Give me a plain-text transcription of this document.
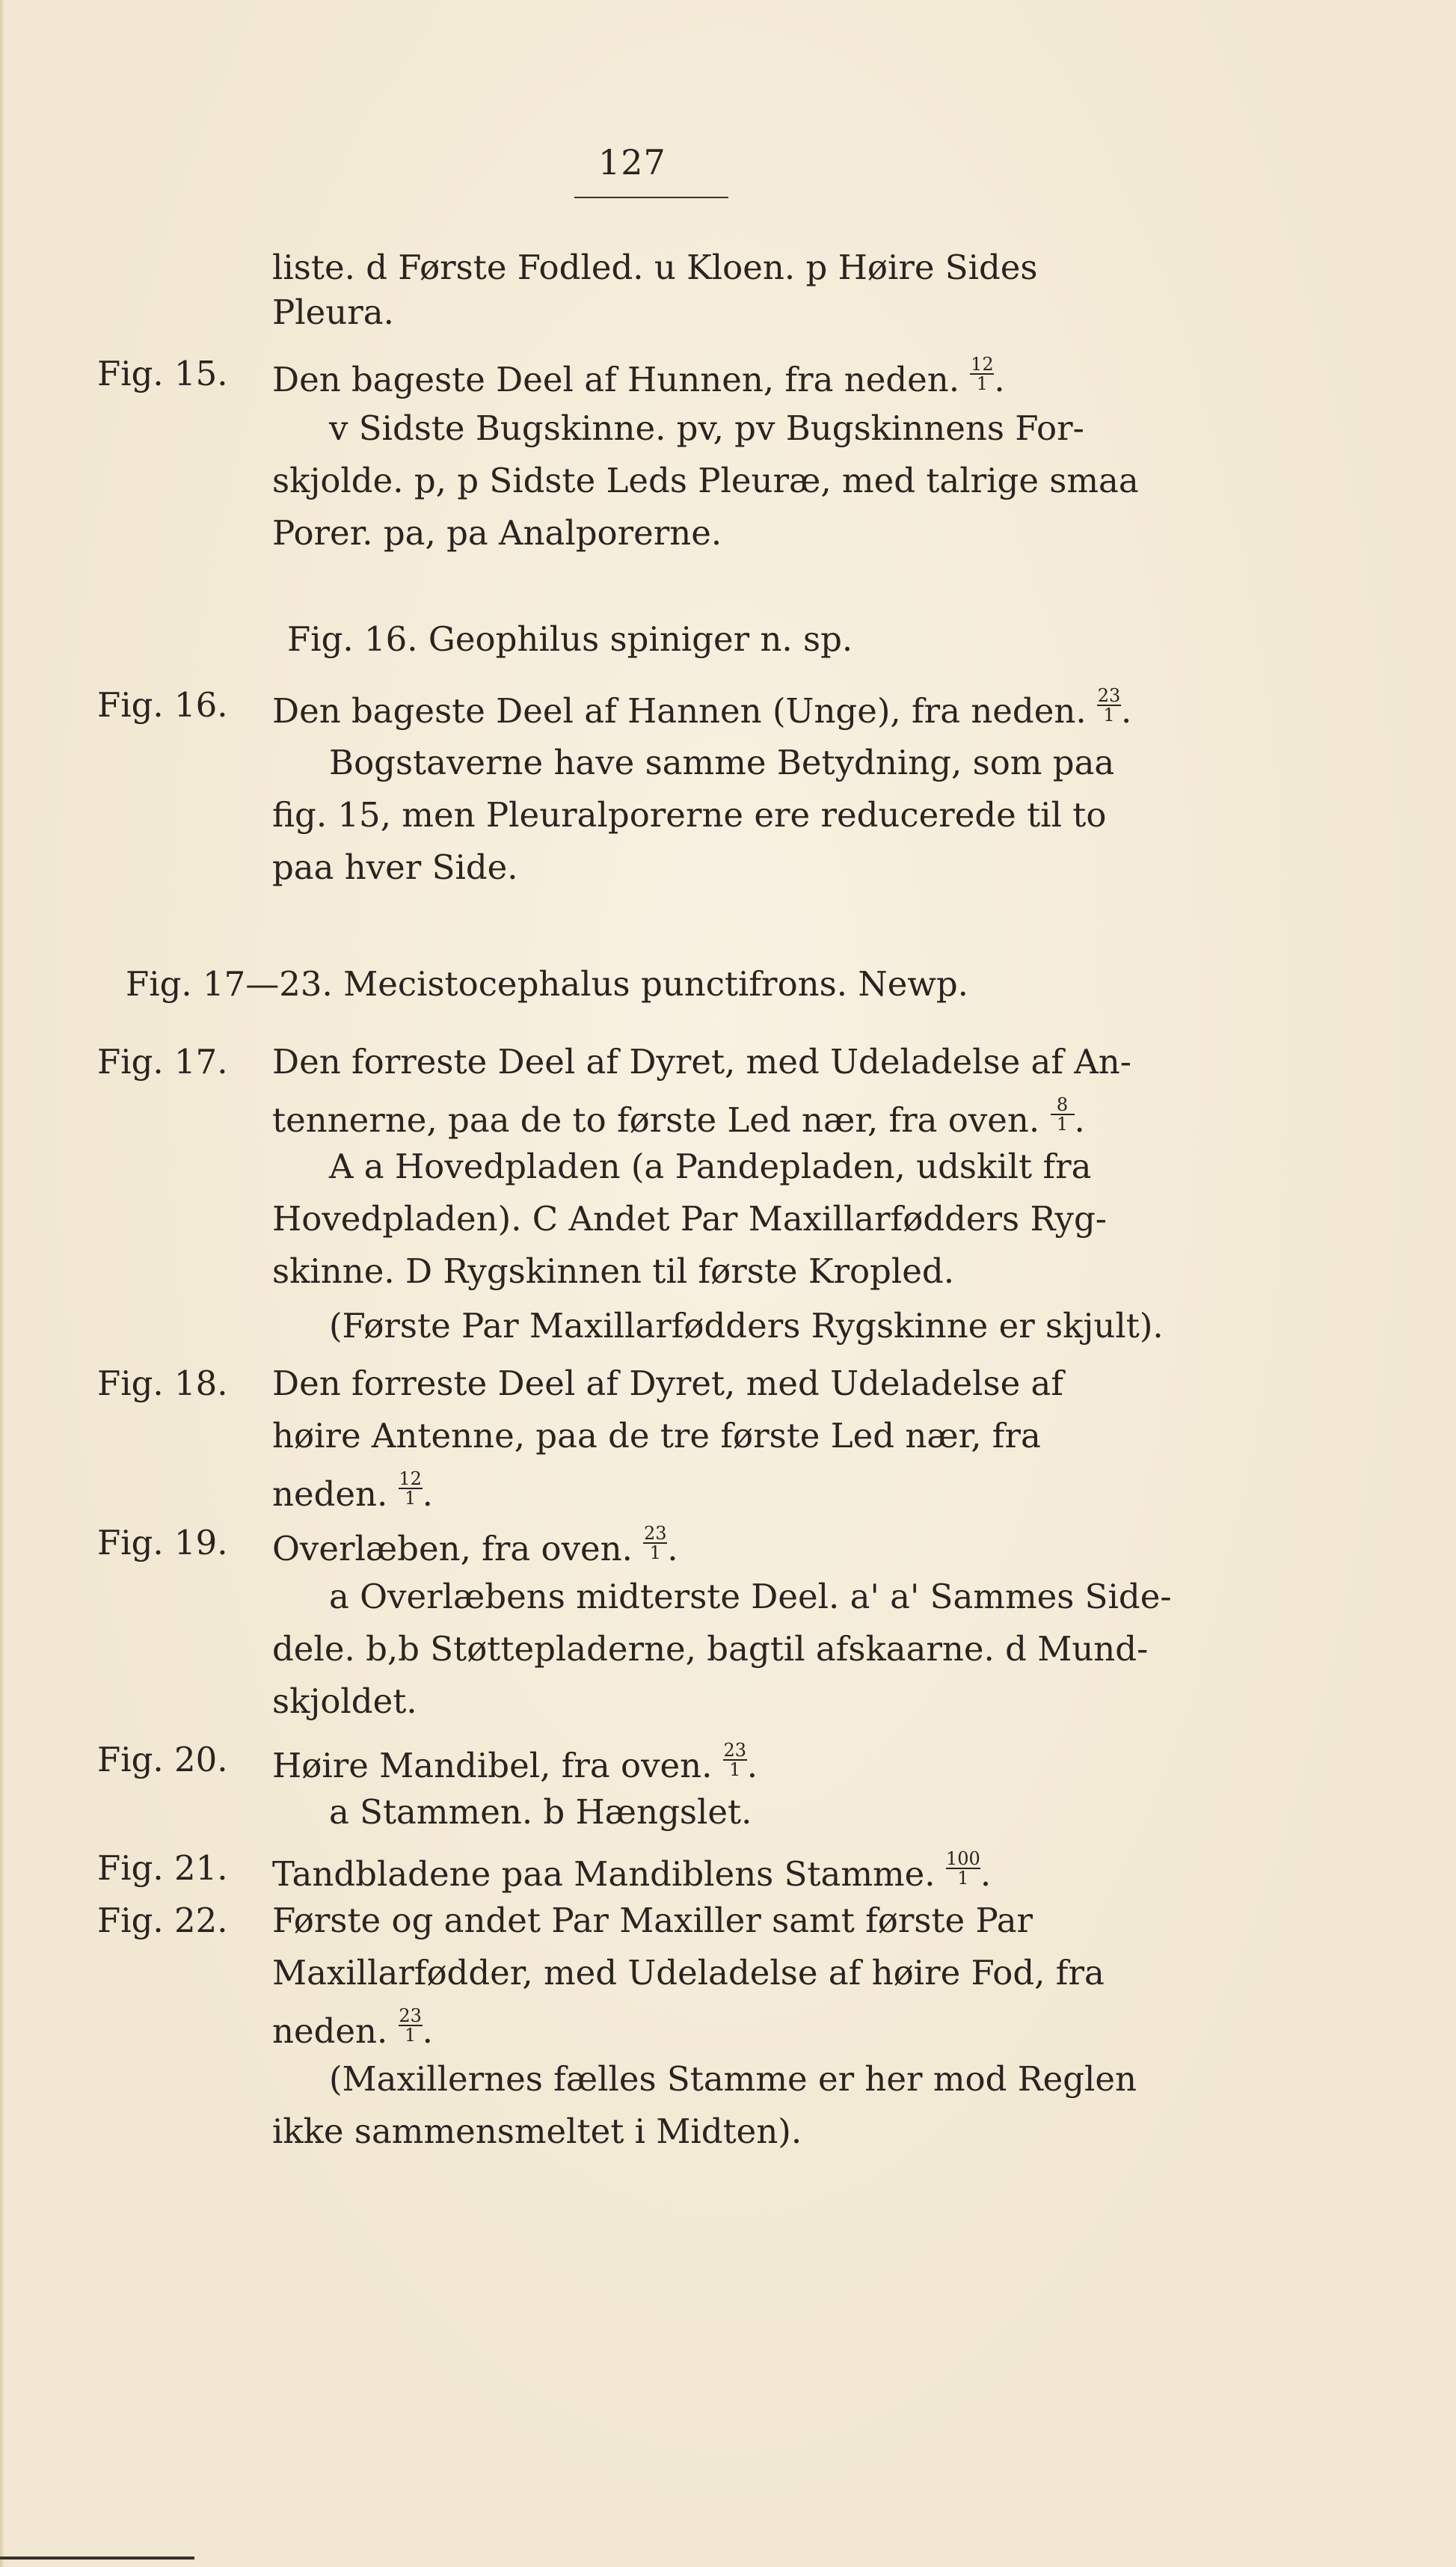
127
liste. d Første Fodled. u Kloen. p Høire Sides
Pleura.
Fig. 15. Den bageste Deel af Hunnen, fra neden. $\frac{12}{1}$ .
v Sidste Bugskinne. pv, pv Bugskinnens For-
skjolde. p, p Sidste Leds Pleuræ, med talrige smaa
Porer. pa, pa Analporerne.
Fig. 16. Geophilus spiniger n. sp.
Fig. 16. Den bageste Deel af Hannen (Unge), fra neden. $\frac{23}{1}$ .
Bogstaverne have samme Betydning, som paa
fig. 15, men Pleuralporerne ere reducerede til to
paa hver Side.
Fig. 17—23. Mecistocephalus punctifrons. Newp.
Fig. 17. Den forreste Deel af Dyret, med Udeladelse af An-
tennerne, paa de to første Led nær, fra oven. $\frac{8}{1}$ .
A a Hovedpladen (a Pandepladen, udskilt fra
Hovedpladen). C Andet Par Maxillarfødders Ryg-
skinne. D Rygskinnen til første Kropled.
(Første Par Maxillarfødders Rygskinne er skjult).
Fig. 18. Den forreste Deel af Dyret, med Udeladelse af
høire Antenne, paa de tre første Led nær, fra
neden. $\frac{12}{1}$ .
Fig. 19. Overlæben, fra oven. $\frac{23}{1}$ .
a Overlæbens midterste Deel. a' a' Sammes Side-
dele. b,b Støttepladerne, bagtil afskaarne. d Mund-
skjoldet.
Fig. 20. Høire Mandibel, fra oven. $\frac{23}{1}$ .
a Stammen. b Hængslet.
Fig. 21. Tandbladene paa Mandiblens Stamme. $\frac{100}{1}$ .
Fig. 22. Første og andet Par Maxiller samt første Par
Maxillarfødder, med Udeladelse af høire Fod, fra
neden. $\frac{23}{1}$ .
(Maxillernes fælles Stamme er her mod Reglen
ikke sammensmeltet i Midten).
